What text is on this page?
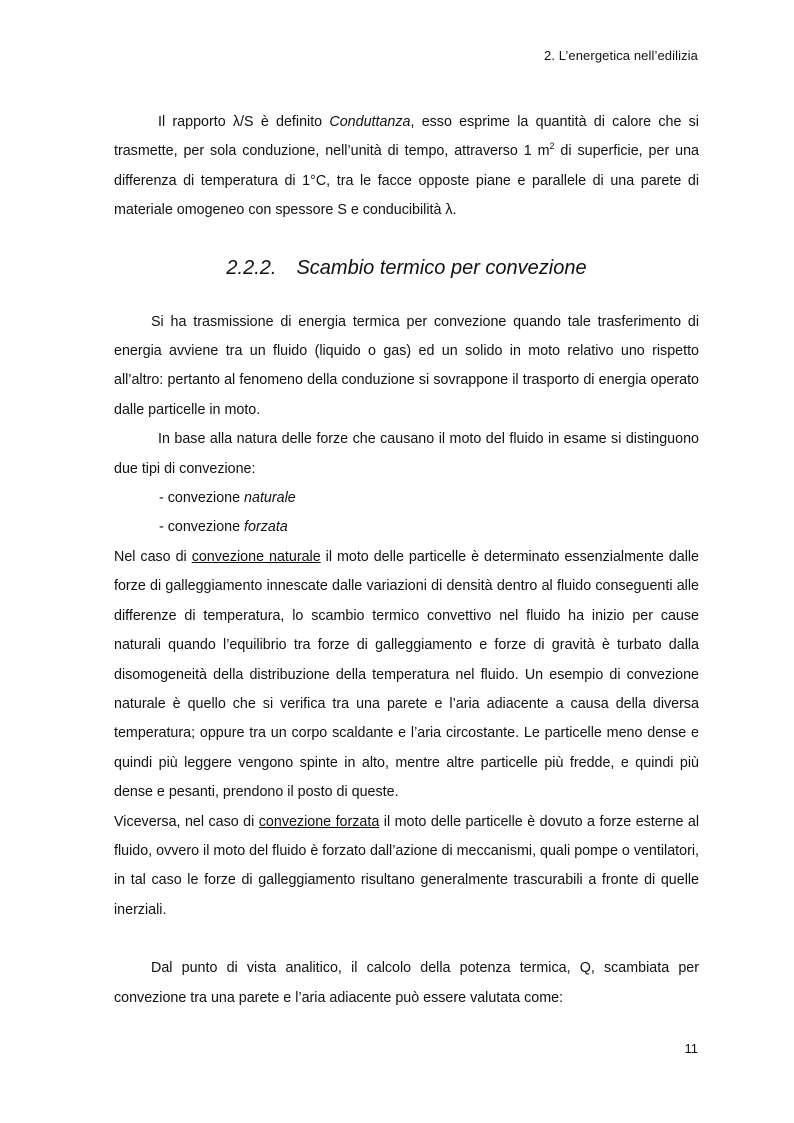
2. L’energetica nell’edilizia

Il rapporto λ/S è definito Conduttanza, esso esprime la quantità di calore che si trasmette, per sola conduzione, nell’unità di tempo, attraverso 1 $m^2$ di superficie, per una differenza di temperatura di 1°C, tra le facce opposte piane e parallele di una parete di materiale omogeneo con spessore S e conducibilità λ.

2.2.2. Scambio termico per convezione

Si ha trasmissione di energia termica per convezione quando tale trasferimento di energia avviene tra un fluido (liquido o gas) ed un solido in moto relativo uno rispetto all’altro: pertanto al fenomeno della conduzione si sovrappone il trasporto di energia operato dalle particelle in moto.

In base alla natura delle forze che causano il moto del fluido in esame si distinguono due tipi di convezione:

- convezione naturale

- convezione forzata

Nel caso di convezione naturale il moto delle particelle è determinato essenzialmente dalle forze di galleggiamento innescate dalle variazioni di densità dentro al fluido conseguenti alle differenze di temperatura, lo scambio termico convettivo nel fluido ha inizio per cause naturali quando l’equilibrio tra forze di galleggiamento e forze di gravità è turbato dalla disomogeneità della distribuzione della temperatura nel fluido. Un esempio di convezione naturale è quello che si verifica tra una parete e l’aria adiacente a causa della diversa temperatura; oppure tra un corpo scaldante e l’aria circostante. Le particelle meno dense e quindi più leggere vengono spinte in alto, mentre altre particelle più fredde, e quindi più dense e pesanti, prendono il posto di queste.

Viceversa, nel caso di convezione forzata il moto delle particelle è dovuto a forze esterne al fluido, ovvero il moto del fluido è forzato dall’azione di meccanismi, quali pompe o ventilatori, in tal caso le forze di galleggiamento risultano generalmente trascurabili a fronte di quelle inerziali.

Dal punto di vista analitico, il calcolo della potenza termica, Q, scambiata per convezione tra una parete e l’aria adiacente può essere valutata come:

11
